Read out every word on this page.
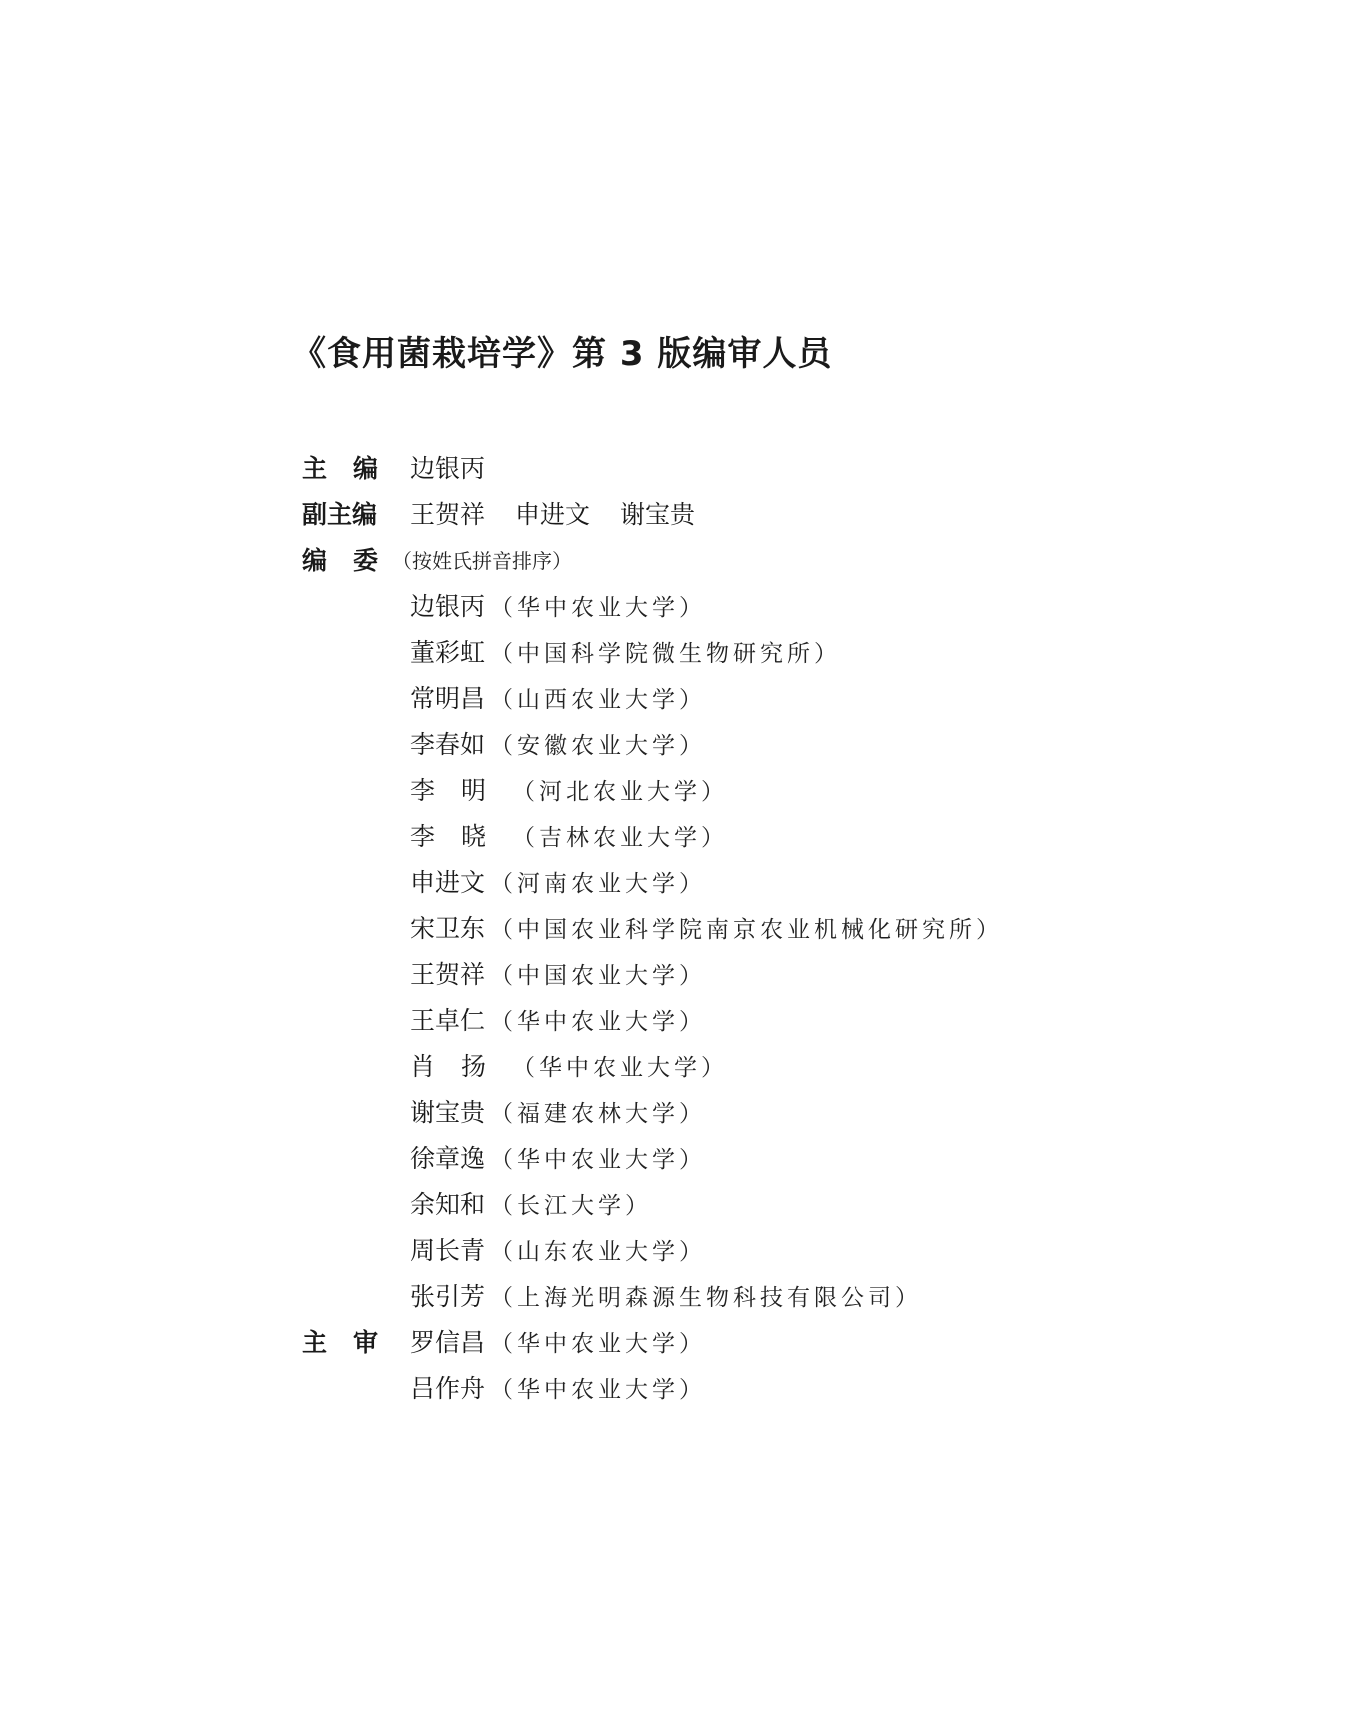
《食用菌栽培学》第 3 版编审人员
主编 边银丙
副主编	王贺祥 申进文 谢宝贵
编委
（按姓氏拼音排序）
边银丙 （华中农业大学）
董彩虹 （中国科学院微生物研究所）
常明昌 （山西农业大学）
李春如 （安徽农业大学）
李明（河北农业大学）
李晓（吉林农业大学）
申进文 （河南农业大学）
宋卫东 （中国农业科学院南京农业机械化研究所）
王贺祥 （中国农业大学）
王卓仁 （华中农业大学）
肖扬（华中农业大学）
谢宝贵 （福建农林大学）
徐章逸 （华中农业大学）
余知和 （长江大学）
周长青 （山东农业大学）
张引芳 （上海光明森源生物科技有限公司）
主审 罗信昌 （华中农业大学）
吕作舟 （华中农业大学）
